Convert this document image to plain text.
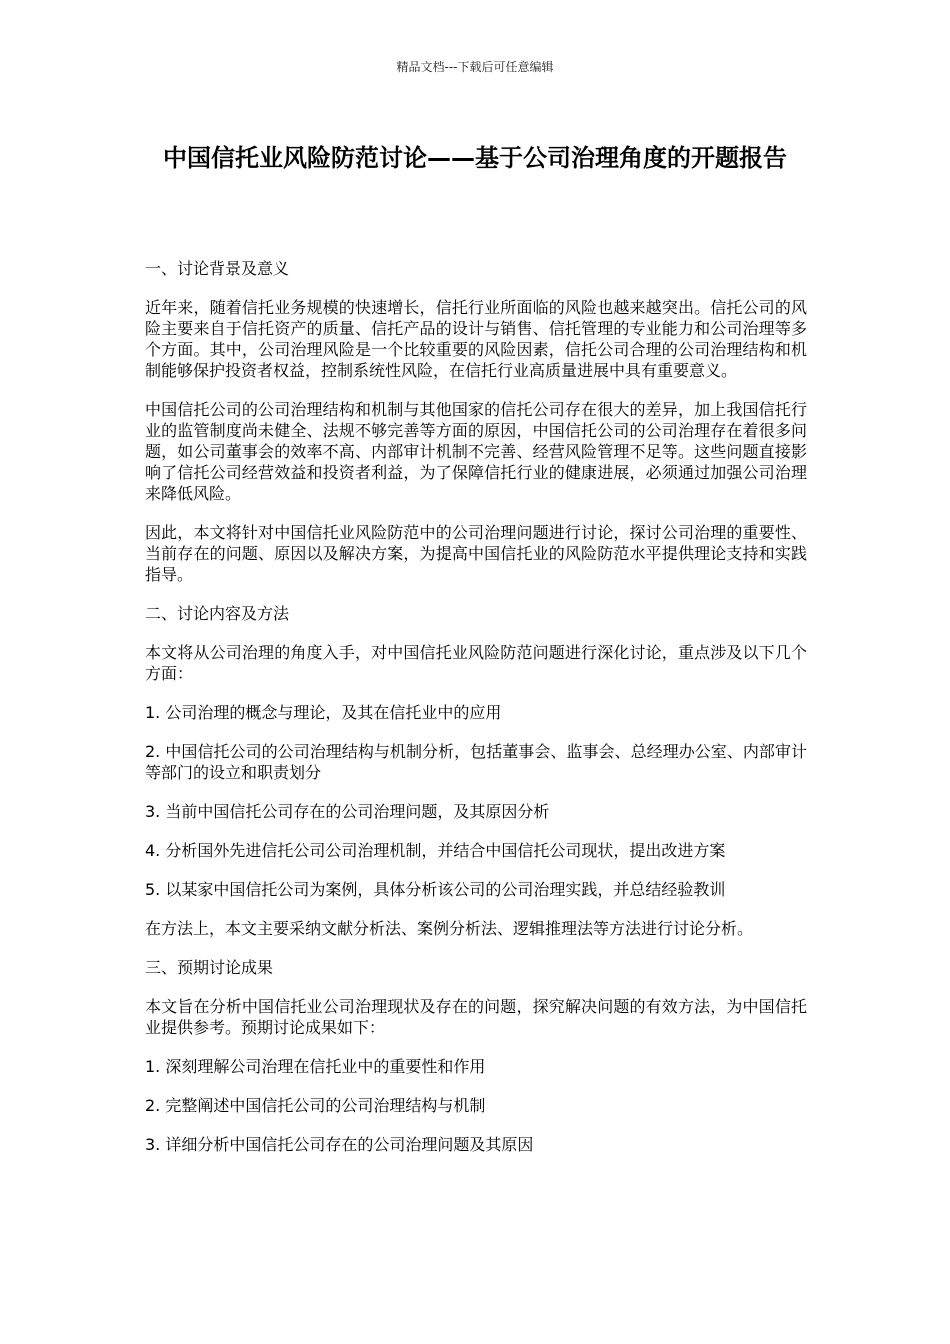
精品文档---下载后可任意编辑
中国信托业风险防范讨论——基于公司治理角度的开题报告

一、讨论背景及意义

近年来，随着信托业务规模的快速增长，信托行业所面临的风险也越来越突出。信托公司的风险主要来自于信托资产的质量、信托产品的设计与销售、信托管理的专业能力和公司治理等多个方面。其中，公司治理风险是一个比较重要的风险因素，信托公司合理的公司治理结构和机制能够保护投资者权益，控制系统性风险，在信托行业高质量进展中具有重要意义。

中国信托公司的公司治理结构和机制与其他国家的信托公司存在很大的差异，加上我国信托行业的监管制度尚未健全、法规不够完善等方面的原因，中国信托公司的公司治理存在着很多问题，如公司董事会的效率不高、内部审计机制不完善、经营风险管理不足等。这些问题直接影响了信托公司经营效益和投资者利益，为了保障信托行业的健康进展，必须通过加强公司治理来降低风险。

因此，本文将针对中国信托业风险防范中的公司治理问题进行讨论，探讨公司治理的重要性、当前存在的问题、原因以及解决方案，为提高中国信托业的风险防范水平提供理论支持和实践指导。

二、讨论内容及方法

本文将从公司治理的角度入手，对中国信托业风险防范问题进行深化讨论，重点涉及以下几个方面：

1. 公司治理的概念与理论，及其在信托业中的应用

2. 中国信托公司的公司治理结构与机制分析，包括董事会、监事会、总经理办公室、内部审计等部门的设立和职责划分

3. 当前中国信托公司存在的公司治理问题，及其原因分析

4. 分析国外先进信托公司公司治理机制，并结合中国信托公司现状，提出改进方案

5. 以某家中国信托公司为案例，具体分析该公司的公司治理实践，并总结经验教训

在方法上，本文主要采纳文献分析法、案例分析法、逻辑推理法等方法进行讨论分析。

三、预期讨论成果

本文旨在分析中国信托业公司治理现状及存在的问题，探究解决问题的有效方法，为中国信托业提供参考。预期讨论成果如下：

1. 深刻理解公司治理在信托业中的重要性和作用

2. 完整阐述中国信托公司的公司治理结构与机制

3. 详细分析中国信托公司存在的公司治理问题及其原因
